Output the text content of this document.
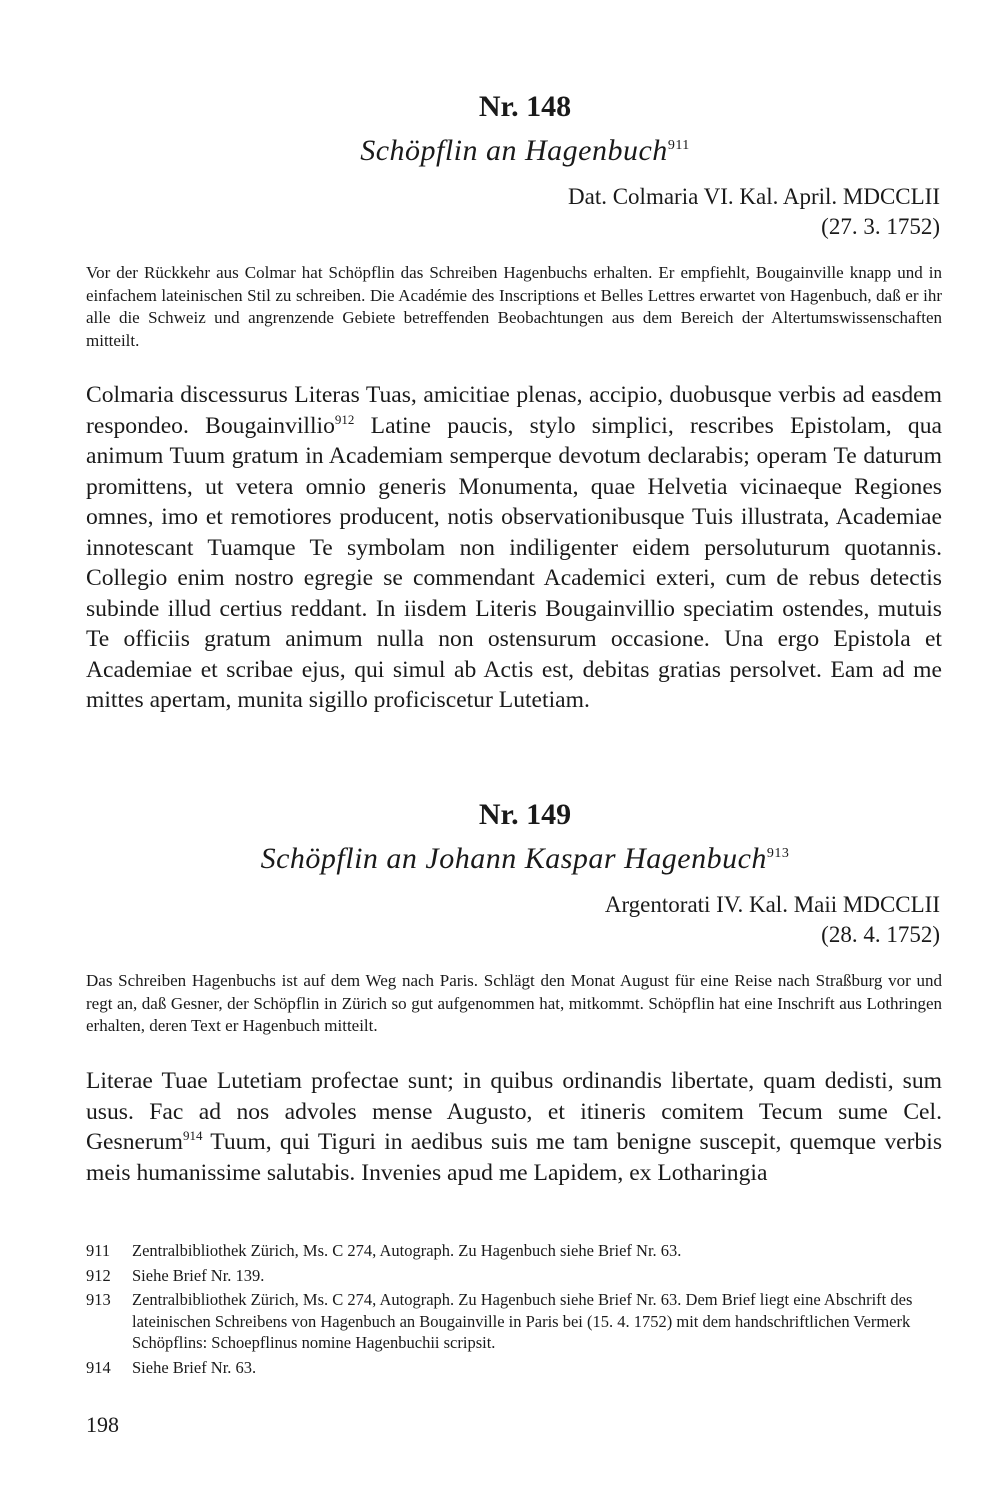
Nr. 148
Schöpflin an Hagenbuch$^{911}$
Dat. Colmaria VI. Kal. April. MDCCLII
(27. 3. 1752)
Vor der Rückkehr aus Colmar hat Schöpflin das Schreiben Hagenbuchs erhalten. Er empfiehlt, Bougainville knapp und in einfachem lateinischen Stil zu schreiben. Die Académie des Inscriptions et Belles Lettres erwartet von Hagenbuch, daß er ihr alle die Schweiz und angrenzende Gebiete betreffenden Beobachtungen aus dem Bereich der Altertumswissenschaften mitteilt.
Colmaria discessurus Literas Tuas, amicitiae plenas, accipio, duobusque verbis ad easdem respondeo. Bougainvillio$^{912}$ Latine paucis, stylo simplici, rescribes Epistolam, qua animum Tuum gratum in Academiam semperque devotum declarabis; operam Te daturum promittens, ut vetera omnio generis Monumenta, quae Helvetia vicinaeque Regiones omnes, imo et remotiores producent, notis observationibusque Tuis illustrata, Academiae innotescant Tuamque Te symbolam non indiligenter eidem persoluturum quotannis. Collegio enim nostro egregie se commendant Academici exteri, cum de rebus detectis subinde illud certius reddant. In iisdem Literis Bougainvillio speciatim ostendes, mutuis Te officiis gratum animum nulla non ostensurum occasione. Una ergo Epistola et Academiae et scribae ejus, qui simul ab Actis est, debitas gratias persolvet. Eam ad me mittes apertam, munita sigillo proficiscetur Lutetiam.
Nr. 149
Schöpflin an Johann Kaspar Hagenbuch$^{913}$
Argentorati IV. Kal. Maii MDCCLII
(28. 4. 1752)
Das Schreiben Hagenbuchs ist auf dem Weg nach Paris. Schlägt den Monat August für eine Reise nach Straßburg vor und regt an, daß Gesner, der Schöpflin in Zürich so gut aufgenommen hat, mitkommt. Schöpflin hat eine Inschrift aus Lothringen erhalten, deren Text er Hagenbuch mitteilt.
Literae Tuae Lutetiam profectae sunt; in quibus ordinandis libertate, quam dedisti, sum usus. Fac ad nos advoles mense Augusto, et itineris comitem Tecum sume Cel. Gesnerum$^{914}$ Tuum, qui Tiguri in aedibus suis me tam benigne suscepit, quemque verbis meis humanissime salutabis. Invenies apud me Lapidem, ex Lotharingia
911	Zentralbibliothek Zürich, Ms. C 274, Autograph. Zu Hagenbuch siehe Brief Nr. 63.
912	Siehe Brief Nr. 139.
913	Zentralbibliothek Zürich, Ms. C 274, Autograph. Zu Hagenbuch siehe Brief Nr. 63. Dem Brief liegt eine Abschrift des lateinischen Schreibens von Hagenbuch an Bougainville in Paris bei (15. 4. 1752) mit dem handschriftlichen Vermerk Schöpflins: Schoepflinus nomine Hagenbuchii scripsit.
914	Siehe Brief Nr. 63.
198
